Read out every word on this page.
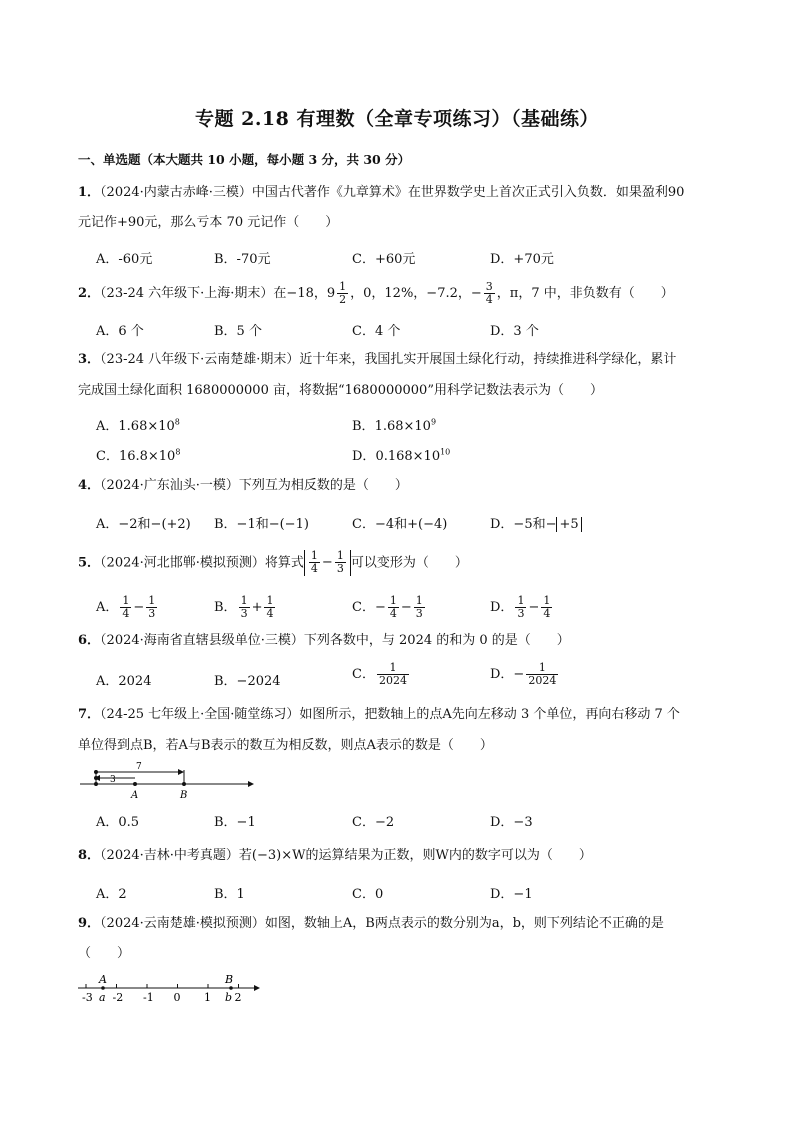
专题 2.18 有理数（全章专项练习）（基础练）
一、单选题（本大题共 10 小题，每小题 3 分，共 30 分）
1．（2024·内蒙古赤峰·三模）中国古代著作《九章算术》在世界数学史上首次正式引入负数．如果盈利90
元记作+90元，那么亏本 70 元记作（　　）
A．-60元	B．-70元	C．+60元	D．+70元
2．（23-24 六年级下·上海·期末）在−18，$9 \frac{1}{2}$ ，0，12%，−7.2，− $\frac{3}{4}$ ，π，7 中，非负数有（　　）
A．6 个	B．5 个	C．4 个	D．3 个
3．（23-24 八年级下·云南楚雄·期末）近十年来，我国扎实开展国土绿化行动，持续推进科学绿化，累计
完成国土绿化面积 1680000000 亩，将数据“1680000000”用科学记数法表示为（　　）
A．$1.68\times 10^8$	B．$1.68\times 10^9$
C．$16.8\times 10^8$	D．$0.168\times 10^{10}$
4．（2024·广东汕头·一模）下列互为相反数的是（　　）
A．−2和−(+2) B．−1和−(−1)	C．−4和+(−4)	D．−5和− +5
5．（2024·河北邯郸·模拟预测）将算式 $\frac{1}{4} - \frac{1}{3}$ 可以变形为（　　）
A． $\frac{1}{4} - \frac{1}{3}$	B． $\frac{1}{3} + \frac{1}{4}$	C．− $\frac{1}{4} - \frac{1}{3}$	D． $\frac{1}{3} - \frac{1}{4}$
6．（2024·海南省直辖县级单位·三模）下列各数中，与 2024 的和为 0 的是（　　）
A．2024	B．−2024	C． $\frac{1}{2024}$	D．− $\frac{1}{2024}$
7．（24-25 七年级上·全国·随堂练习）如图所示，把数轴上的点A先向左移动 3 个单位，再向右移动 7 个
单位得到点B，若A与B表示的数互为相反数，则点A表示的数是（　　）
7
3
A	B
A．0.5	B．−1	C．−2	D．−3
8．（2024·吉林·中考真题）若(−3)×W的运算结果为正数，则W内的数字可以为（　　）
A．2	B．1	C．0	D．−1
9．（2024·云南楚雄·模拟预测）如图，数轴上A，B两点表示的数分别为a，b，则下列结论不正确的是
（　　）
-3 -2 -1 0 1 2
A
a
B
b
